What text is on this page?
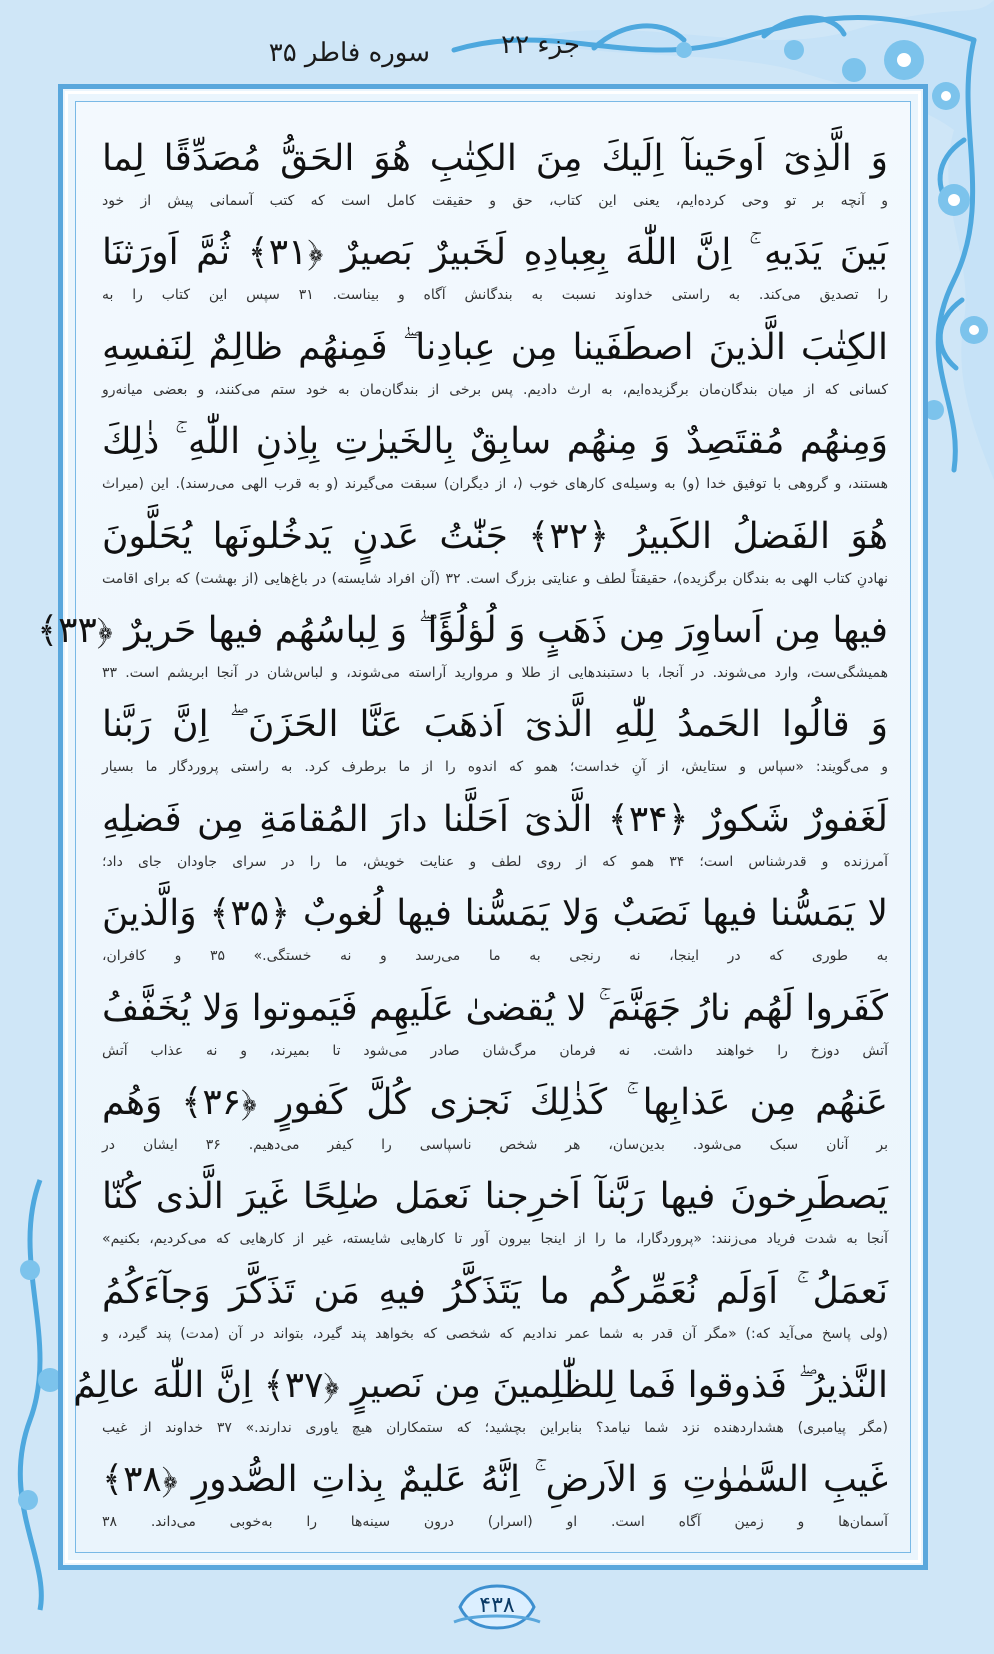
جزء ۲۲
سوره فاطر ۳۵
وَ الَّذِیٓ اَوحَینآ اِلَیكَ مِنَ الكِتٰبِ هُوَ الحَقُّ مُصَدِّقًا لِما
و آنچه بر تو وحی کرده‌ایم، یعنی این کتاب، حق و حقیقت کامل است که کتب آسمانی پیش از خود
بَینَ یَدَیهِ ۚ اِنَّ اللّٰهَ بِعِبادِهِ لَخَبیرٌ بَصیرٌ ﴿۳۱﴾ ثُمَّ اَورَثنَا
را تصدیق می‌کند. به راستی خداوند نسبت به بندگانش آگاه و بیناست. ۳۱ سپس این کتاب را به
الكِتٰبَ الَّذینَ اصطَفَینا مِن عِبادِنا ۖ فَمِنهُم ظالِمٌ لِنَفسِهِ
کسانی که از میان بندگان‌مان برگزیده‌ایم، به ارث دادیم. پس برخی از بندگان‌مان به خود ستم می‌کنند، و بعضی میانه‌رو
وَمِنهُم مُقتَصِدٌ وَ مِنهُم سابِقٌ بِالخَیرٰتِ بِاِذنِ اللّٰهِ ۚ ذٰلِكَ
هستند، و گروهی با توفیق خدا (و) به وسیله‌ی کارهای خوب (، از دیگران) سبقت می‌گیرند (و به قرب الهی می‌رسند). این (میراث
هُوَ الفَضلُ الكَبیرُ ﴿۳۲﴾ جَنّٰتُ عَدنٍ یَدخُلونَها یُحَلَّونَ
نهادنِ کتاب الهی به بندگان برگزیده)، حقیقتاً لطف و عنایتی بزرگ است. ۳۲ (آن افراد شایسته) در باغ‌هایی (از بهشت) که برای اقامت
فیها مِن اَساوِرَ مِن ذَهَبٍ وَ لُؤلُؤًا ۖ وَ لِباسُهُم فیها حَریرٌ ﴿۳۳﴾
همیشگی‌ست، وارد می‌شوند. در آنجا، با دستبندهایی از طلا و مروارید آراسته می‌شوند، و لباس‌شان در آنجا ابریشم است. ۳۳
وَ قالُوا الحَمدُ لِلّٰهِ الَّذیٓ اَذهَبَ عَنَّا الحَزَنَ ۖ اِنَّ رَبَّنا
و می‌گویند: «سپاس و ستایش، از آنِ خداست؛ همو که اندوه را از ما برطرف کرد. به راستی پروردگار ما بسیار
لَغَفورٌ شَكورٌ ﴿۳۴﴾ الَّذیٓ اَحَلَّنا دارَ المُقامَةِ مِن فَضلِهِ
آمرزنده و قدرشناس است؛ ۳۴ همو که از روی لطف و عنایت خویش، ما را در سرای جاودان جای داد؛
لا یَمَسُّنا فیها نَصَبٌ وَلا یَمَسُّنا فیها لُغوبٌ ﴿۳۵﴾ وَالَّذینَ
به طوری که در اینجا، نه رنجی به ما می‌رسد و نه خستگی.» ۳۵ و کافران،
كَفَروا لَهُم نارُ جَهَنَّمَ ۚ لا یُقضیٰ عَلَیهِم فَیَموتوا وَلا یُخَفَّفُ
آتش دوزخ را خواهند داشت. نه فرمان مرگ‌شان صادر می‌شود تا بمیرند، و نه عذاب آتش
عَنهُم مِن عَذابِها ۚ كَذٰلِكَ نَجزی كُلَّ كَفورٍ ﴿۳۶﴾ وَهُم
بر آنان سبک می‌شود. بدین‌سان، هر شخص ناسپاسی را کیفر می‌دهیم. ۳۶ ایشان در
یَصطَرِخونَ فیها رَبَّنآ اَخرِجنا نَعمَل صٰلِحًا غَیرَ الَّذی كُنّا
آنجا به شدت فریاد می‌زنند: «پروردگارا، ما را از اینجا بیرون آور تا کارهایی شایسته، غیر از کارهایی که می‌کردیم، بکنیم»
نَعمَلُ ۚ اَوَلَم نُعَمِّركُم ما یَتَذَكَّرُ فیهِ مَن تَذَكَّرَ وَجآءَكُمُ
(ولی پاسخ می‌آید که:) «مگر آن قدر به شما عمر ندادیم که شخصی که بخواهد پند گیرد، بتواند در آن (مدت) پند گیرد، و
النَّذیرُ ۖ فَذوقوا فَما لِلظّٰلِمینَ مِن نَصیرٍ ﴿۳۷﴾ اِنَّ اللّٰهَ عالِمُ
(مگر پیامبری) هشداردهنده نزد شما نیامد؟ بنابراین بچشید؛ که ستمکاران هیچ یاوری ندارند.» ۳۷ خداوند از غیب
غَیبِ السَّمٰوٰتِ وَ الاَرضِ ۚ اِنَّهُ عَلیمٌ بِذاتِ الصُّدورِ ﴿۳۸﴾
آسمان‌ها و زمین آگاه است. او (اسرار) درون سینه‌ها را به‌خوبی می‌داند. ۳۸
۴۳۸
